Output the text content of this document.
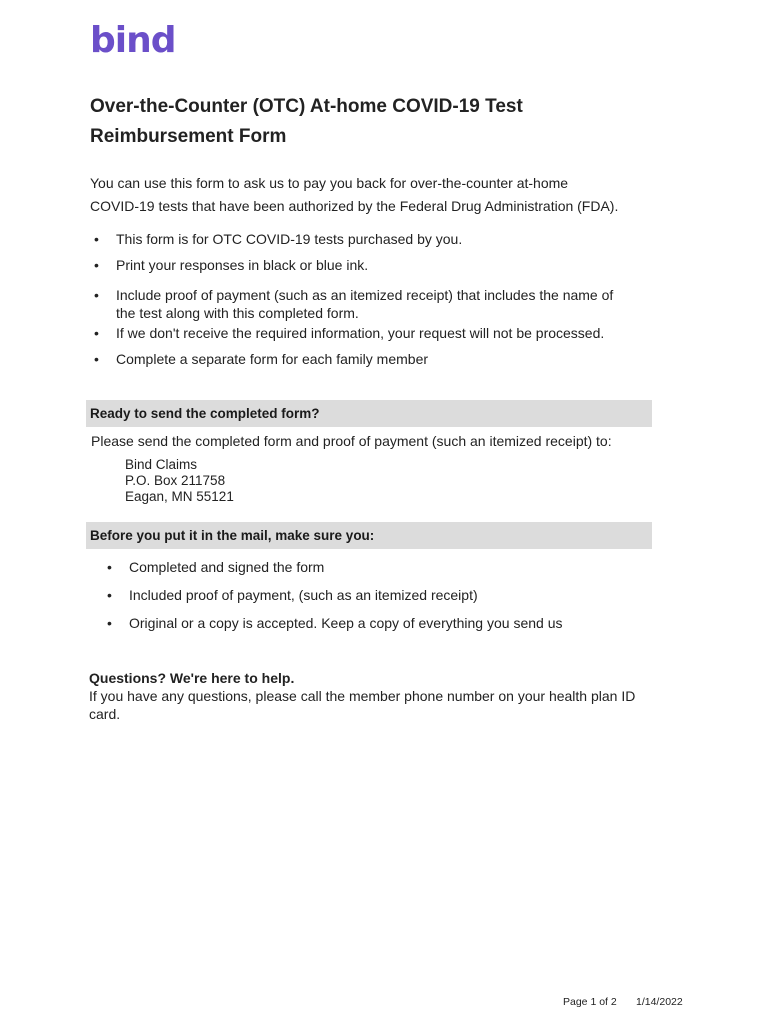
bind
Over-the-Counter (OTC) At-home COVID-19 Test
Reimbursement Form
You can use this form to ask us to pay you back for over-the-counter at-home
COVID-19 tests that have been authorized by the Federal Drug Administration (FDA).
• This form is for OTC COVID-19 tests purchased by you.
• Print your responses in black or blue ink.
• Include proof of payment (such as an itemized receipt) that includes the name of
the test along with this completed form.
• If we don't receive the required information, your request will not be processed.
• Complete a separate form for each family member
Ready to send the completed form?
Please send the completed form and proof of payment (such an itemized receipt) to:
Bind Claims
P.O. Box 211758
Eagan, MN 55121
Before you put it in the mail, make sure you:
• Completed and signed the form
• Included proof of payment, (such as an itemized receipt)
• Original or a copy is accepted. Keep a copy of everything you send us
Questions? We're here to help.
If you have any questions, please call the member phone number on your health plan ID
card.
Page 1 of 2 1/14/2022
